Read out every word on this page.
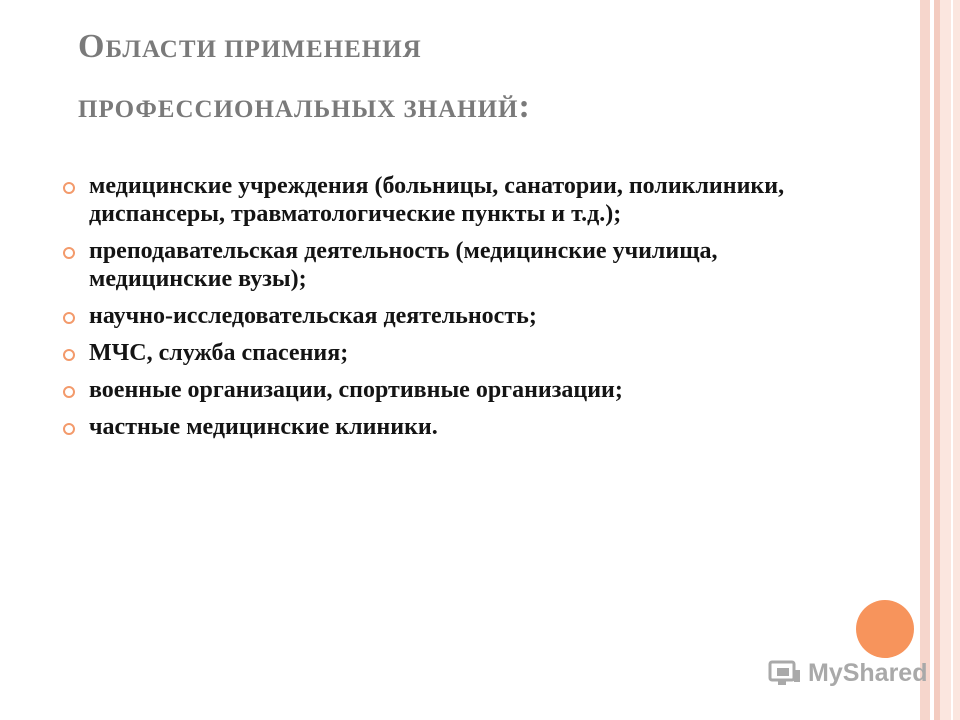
ОБЛАСТИ ПРИМЕНЕНИЯ
ПРОФЕССИОНАЛЬНЫХ ЗНАНИЙ:
медицинские учреждения (больницы, санатории, поликлиники, диспансеры, травматологические пункты и т.д.);
преподавательская деятельность (медицинские училища, медицинские вузы);
научно-исследовательская деятельность;
МЧС, служба спасения;
военные организации, спортивные организации;
частные медицинские клиники.
MyShared
